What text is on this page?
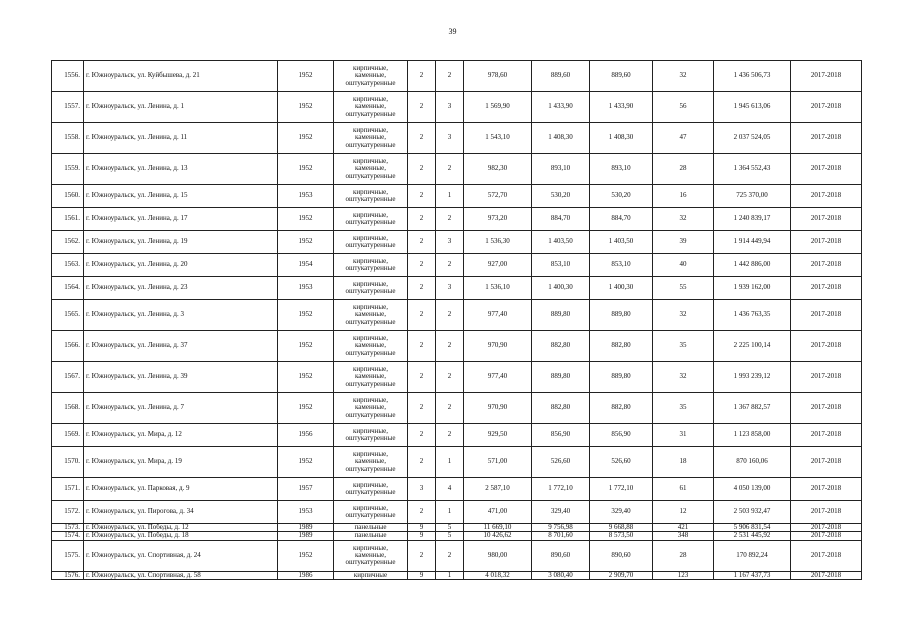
39
1556.	г. Южноуральск, ул. Куйбышева, д. 21	1952	кирпичные, каменные, оштукатуренные	2	2	978,60	889,60	889,60	32	1 436 506,73	2017-2018
1557.	г. Южноуральск, ул. Ленина, д. 1	1952	кирпичные, каменные, оштукатуренные	2	3	1 569,90	1 433,90	1 433,90	56	1 945 613,06	2017-2018
1558.	г. Южноуральск, ул. Ленина, д. 11	1952	кирпичные, каменные, оштукатуренные	2	3	1 543,10	1 408,30	1 408,30	47	2 037 524,05	2017-2018
1559.	г. Южноуральск, ул. Ленина, д. 13	1952	кирпичные, каменные, оштукатуренные	2	2	982,30	893,10	893,10	28	1 364 552,43	2017-2018
1560.	г. Южноуральск, ул. Ленина, д. 15	1953	кирпичные, оштукатуренные	2	1	572,70	530,20	530,20	16	725 370,00	2017-2018
1561.	г. Южноуральск, ул. Ленина, д. 17	1952	кирпичные, оштукатуренные	2	2	973,20	884,70	884,70	32	1 240 839,17	2017-2018
1562.	г. Южноуральск, ул. Ленина, д. 19	1952	кирпичные, оштукатуренные	2	3	1 536,30	1 403,50	1 403,50	39	1 914 449,94	2017-2018
1563.	г. Южноуральск, ул. Ленина, д. 20	1954	кирпичные, оштукатуренные	2	2	927,00	853,10	853,10	40	1 442 886,00	2017-2018
1564.	г. Южноуральск, ул. Ленина, д. 23	1953	кирпичные, оштукатуренные	2	3	1 536,10	1 400,30	1 400,30	55	1 939 162,00	2017-2018
1565.	г. Южноуральск, ул. Ленина, д. 3	1952	кирпичные, каменные, оштукатуренные	2	2	977,40	889,80	889,80	32	1 436 763,35	2017-2018
1566.	г. Южноуральск, ул. Ленина, д. 37	1952	кирпичные, каменные, оштукатуренные	2	2	970,90	882,80	882,80	35	2 225 100,14	2017-2018
1567.	г. Южноуральск, ул. Ленина, д. 39	1952	кирпичные, каменные, оштукатуренные	2	2	977,40	889,80	889,80	32	1 993 239,12	2017-2018
1568.	г. Южноуральск, ул. Ленина, д. 7	1952	кирпичные, каменные, оштукатуренные	2	2	970,90	882,80	882,80	35	1 367 882,57	2017-2018
1569.	г. Южноуральск, ул. Мира, д. 12	1956	кирпичные, оштукатуренные	2	2	929,50	856,90	856,90	31	1 123 858,00	2017-2018
1570.	г. Южноуральск, ул. Мира, д. 19	1952	кирпичные, каменные, оштукатуренные	2	1	571,00	526,60	526,60	18	870 160,06	2017-2018
1571.	г. Южноуральск, ул. Парковая, д. 9	1957	кирпичные, оштукатуренные	3	4	2 587,10	1 772,10	1 772,10	61	4 050 139,00	2017-2018
1572.	г. Южноуральск, ул. Пирогова, д. 34	1953	кирпичные, оштукатуренные	2	1	471,00	329,40	329,40	12	2 503 932,47	2017-2018
1573.	г. Южноуральск, ул. Победы, д. 12	1989	панельные	9	5	11 669,10	9 756,98	9 668,88	421	5 906 831,54	2017-2018
1574.	г. Южноуральск, ул. Победы, д. 18	1989	панельные	9	5	10 426,62	8 701,60	8 573,50	348	2 531 445,92	2017-2018
1575.	г. Южноуральск, ул. Спортивная, д. 24	1952	кирпичные, каменные, оштукатуренные	2	2	980,00	890,60	890,60	28	170 892,24	2017-2018
1576.	г. Южноуральск, ул. Спортивная, д. 58	1986	кирпичные	9	1	4 018,32	3 080,40	2 909,70	123	1 167 437,73	2017-2018
